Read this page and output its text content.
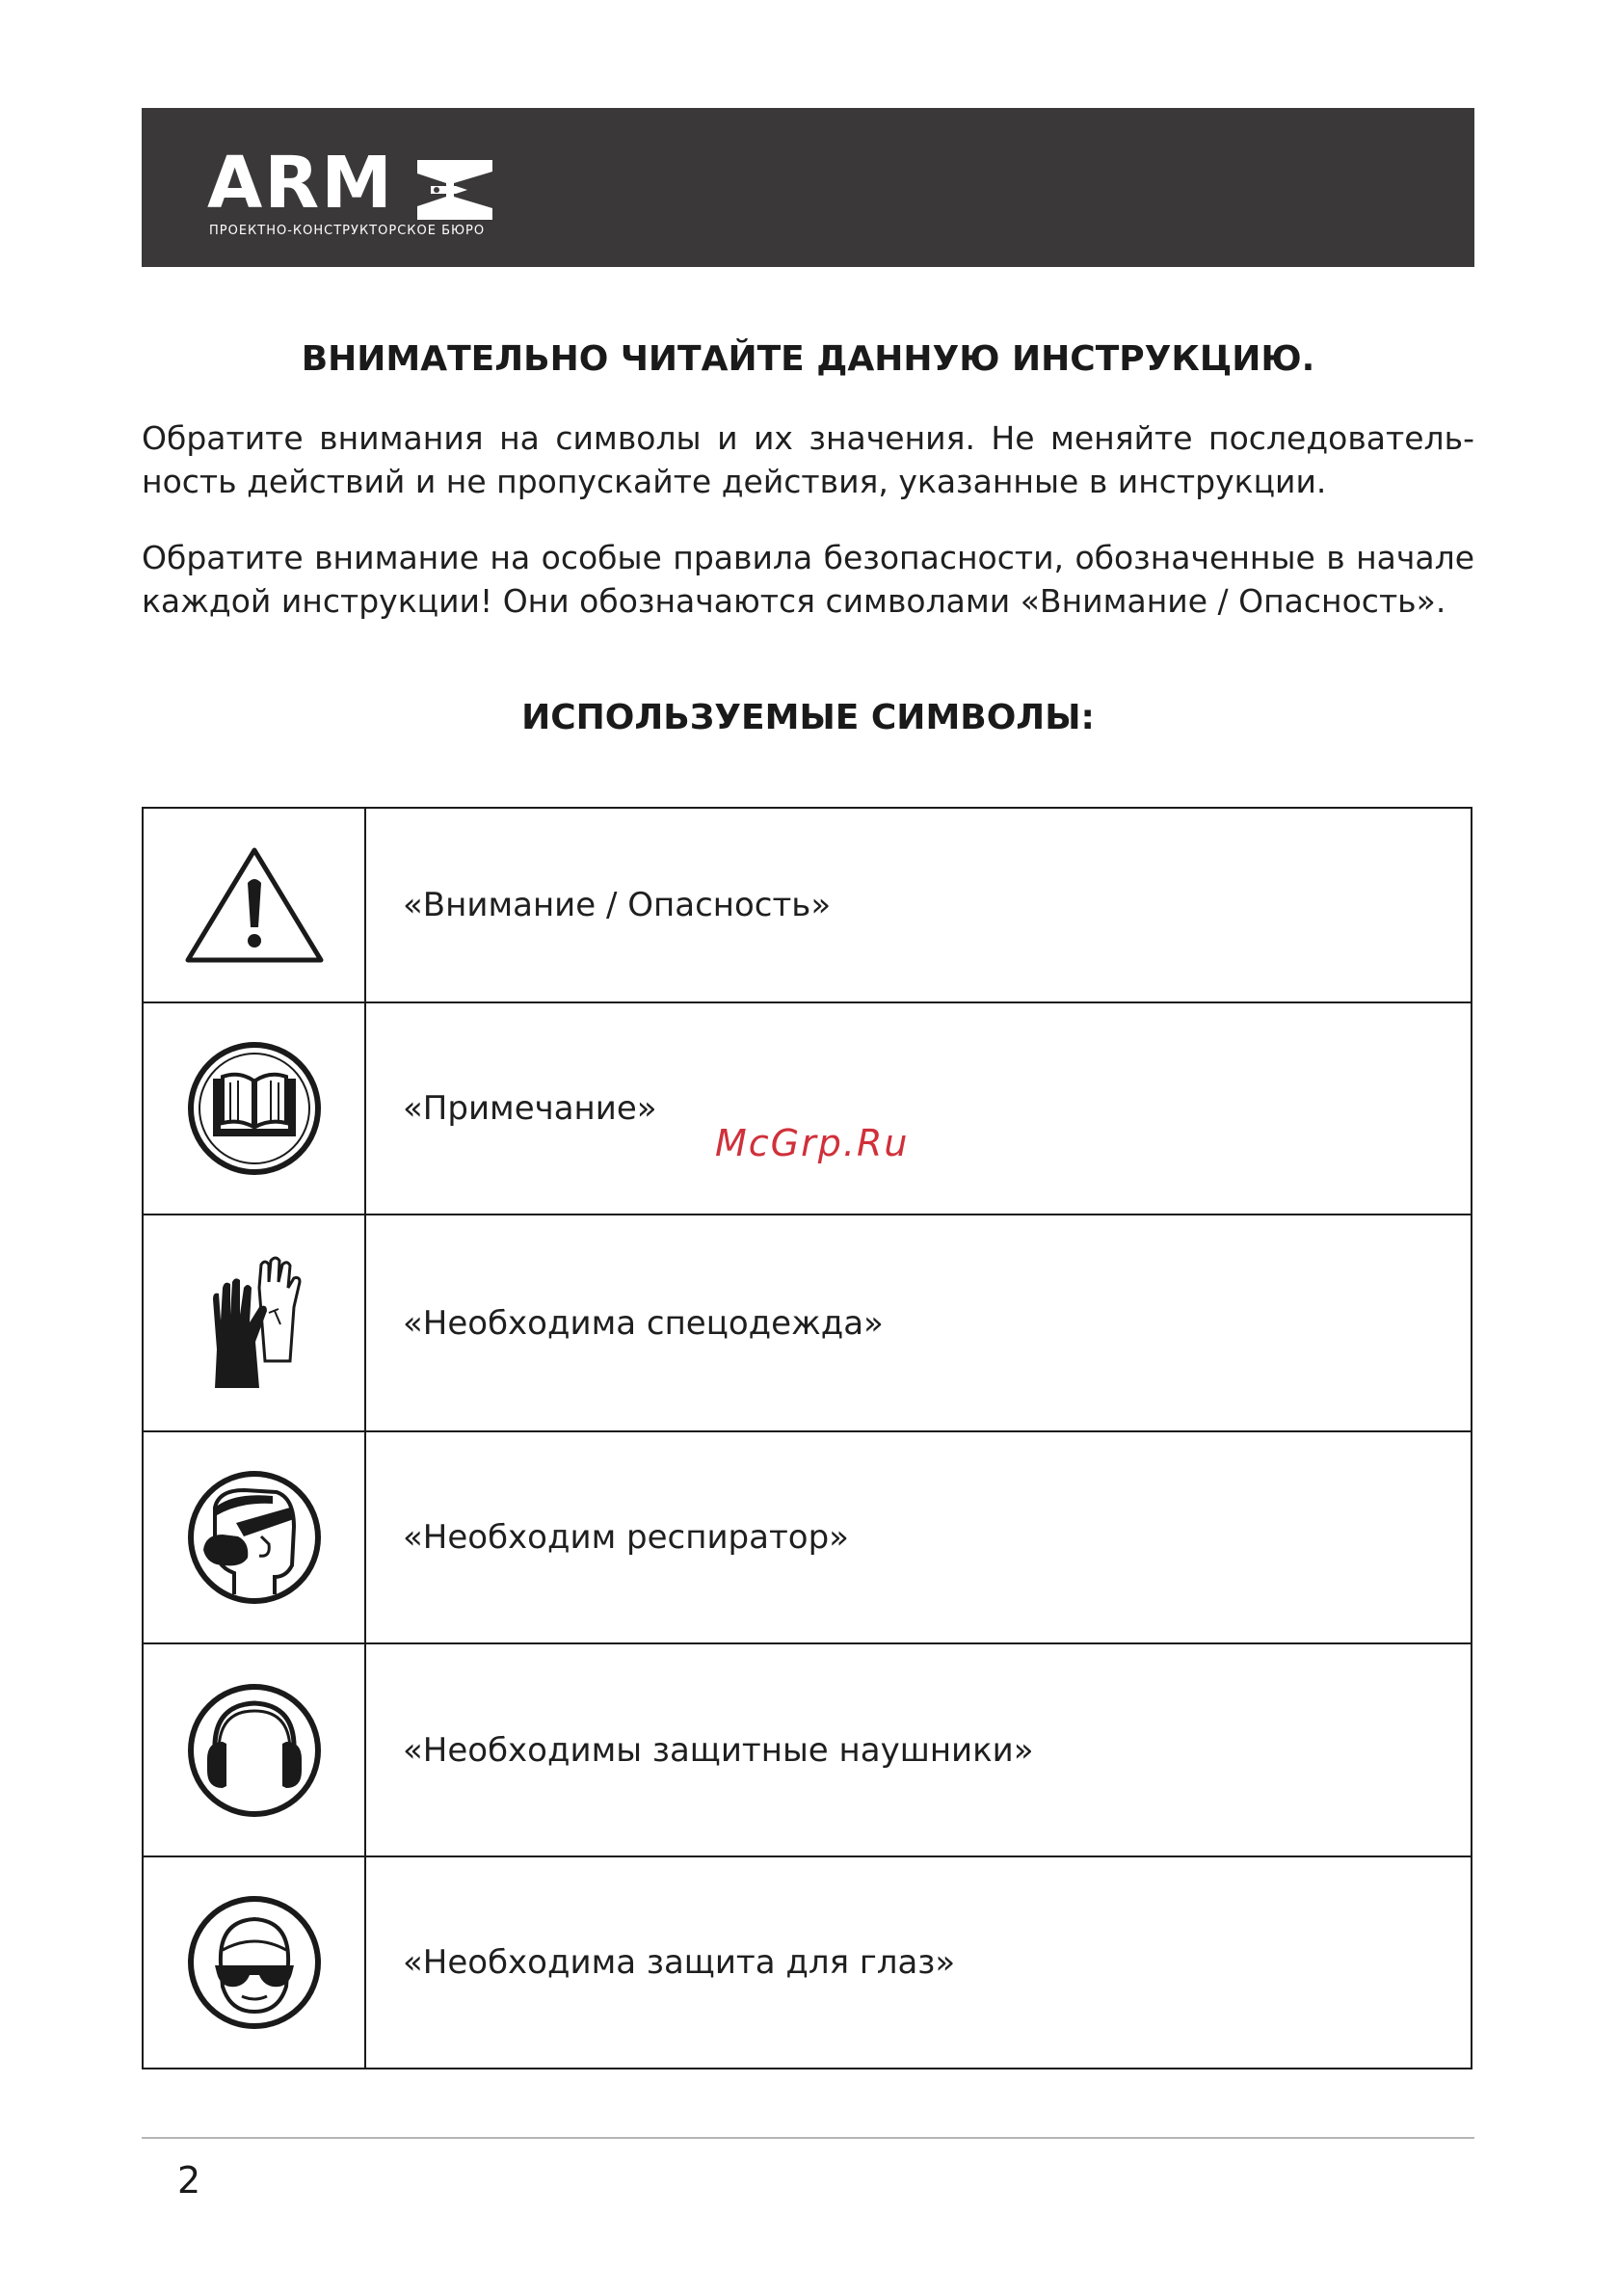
ARM
ПРОЕКТНО-КОНСТРУКТОРСКОЕ БЮРО
ВНИМАТЕЛЬНО ЧИТАЙТЕ ДАННУЮ ИНСТРУКЦИЮ.

Обратите внимания на символы и их значения. Не меняйте последователь-ность действий и не пропускайте действия, указанные в инструкции.

Обратите внимание на особые правила безопасности, обозначенные в начале каждой инструкции! Они обозначаются символами «Внимание / Опасность».

ИСПОЛЬЗУЕМЫЕ СИМВОЛЫ:
	«Внимание / Опасность»

	«Примечание»

	«Необходима спецодежда»

	«Необходим респиратор»

	«Необходимы защитные наушники»

	«Необходима защита для глаз»
McGrp.Ru
2
